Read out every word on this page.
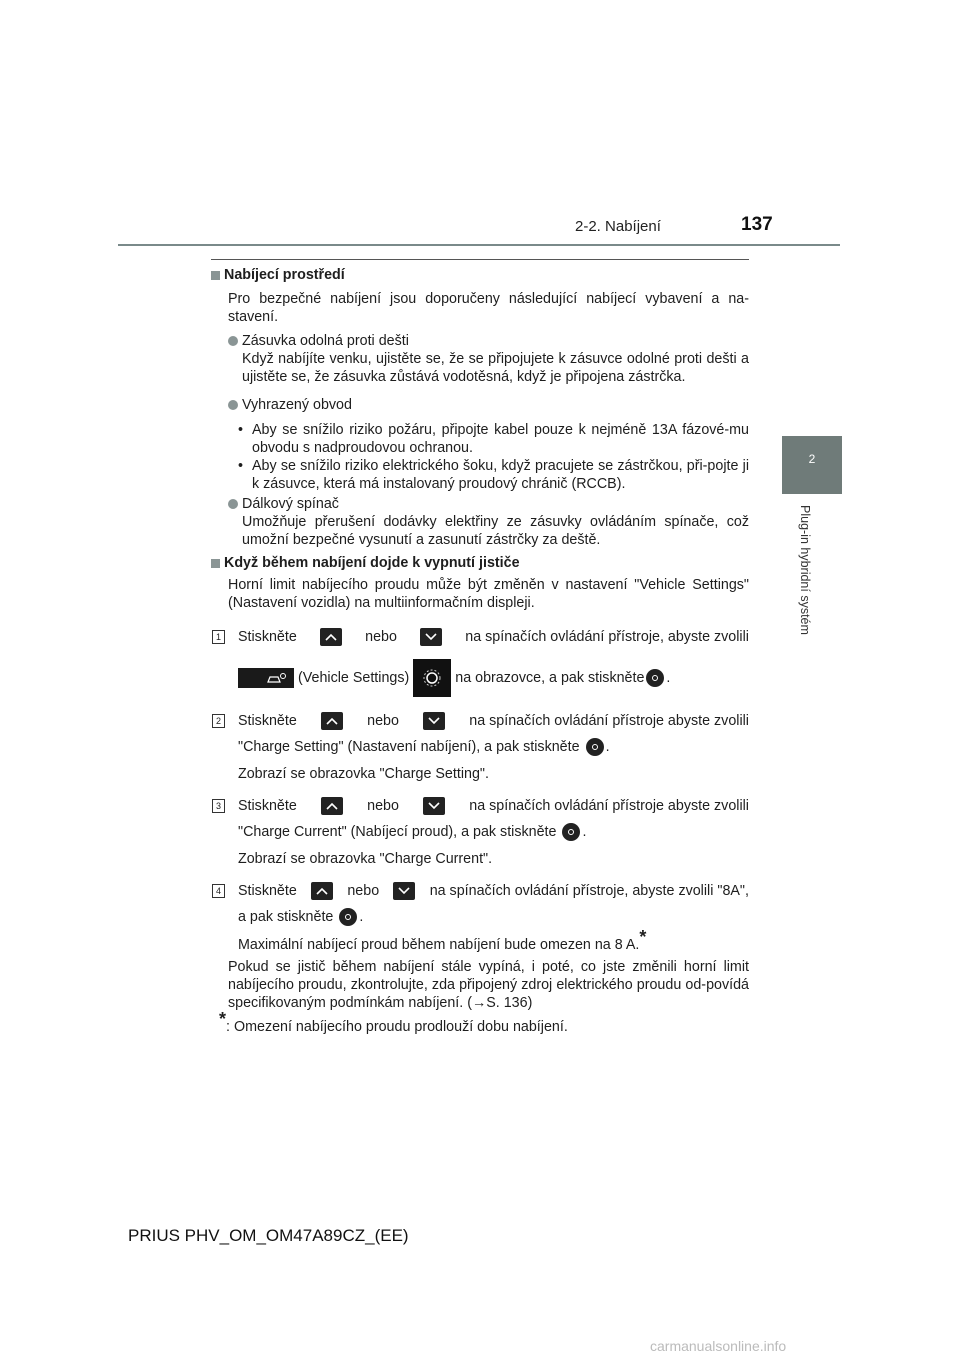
2-2. Nabíjení	137
2
Plug-in hybridní systém

Nabíjecí prostředí

Pro bezpečné nabíjení jsou doporučeny následující nabíjecí vybavení a na-stavení.

Zásuvka odolná proti dešti

Když nabíjíte venku, ujistěte se, že se připojujete k zásuvce odolné proti dešti a ujistěte se, že zásuvka zůstává vodotěsná, když je připojena zástrčka.

Vyhrazený obvod

• Aby se snížilo riziko požáru, připojte kabel pouze k nejméně 13A fázové-mu obvodu s nadproudovou ochranou.

• Aby se snížilo riziko elektrického šoku, když pracujete se zástrčkou, při-pojte ji k zásuvce, která má instalovaný proudový chránič (RCCB).

Dálkový spínač

Umožňuje přerušení dodávky elektřiny ze zásuvky ovládáním spínače, což umožní bezpečné vysunutí a zasunutí zástrčky za deště.

Když během nabíjení dojde k vypnutí jističe

Horní limit nabíjecího proudu může být změněn v nastavení "Vehicle Settings" (Nastavení vozidla) na multiinformačním displeji.

1 Stiskněte	nebo	na spínačích ovládání přístroje, abyste zvolili

(Vehicle Settings)	na obrazovce, a pak stiskněte .

2 Stiskněte	nebo	na spínačích ovládání přístroje abyste zvolili

"Charge Setting" (Nastavení nabíjení), a pak stiskněte .

Zobrazí se obrazovka "Charge Setting".

3 Stiskněte	nebo	na spínačích ovládání přístroje abyste zvolili

"Charge Current" (Nabíjecí proud), a pak stiskněte .

Zobrazí se obrazovka "Charge Current".

4 Stiskněte	nebo	na spínačích ovládání přístroje, abyste zvolili "8A",

a pak stiskněte .

Maximální nabíjecí proud během nabíjení bude omezen na 8 A.*

Pokud se jistič během nabíjení stále vypíná, i poté, co jste změnili horní limit nabíjecího proudu, zkontrolujte, zda připojený zdroj elektrického proudu od-povídá specifikovaným podmínkám nabíjení. (→S. 136)

*: Omezení nabíjecího proudu prodlouží dobu nabíjení.

PRIUS PHV_OM_OM47A89CZ_(EE)
carmanualsonline.info
